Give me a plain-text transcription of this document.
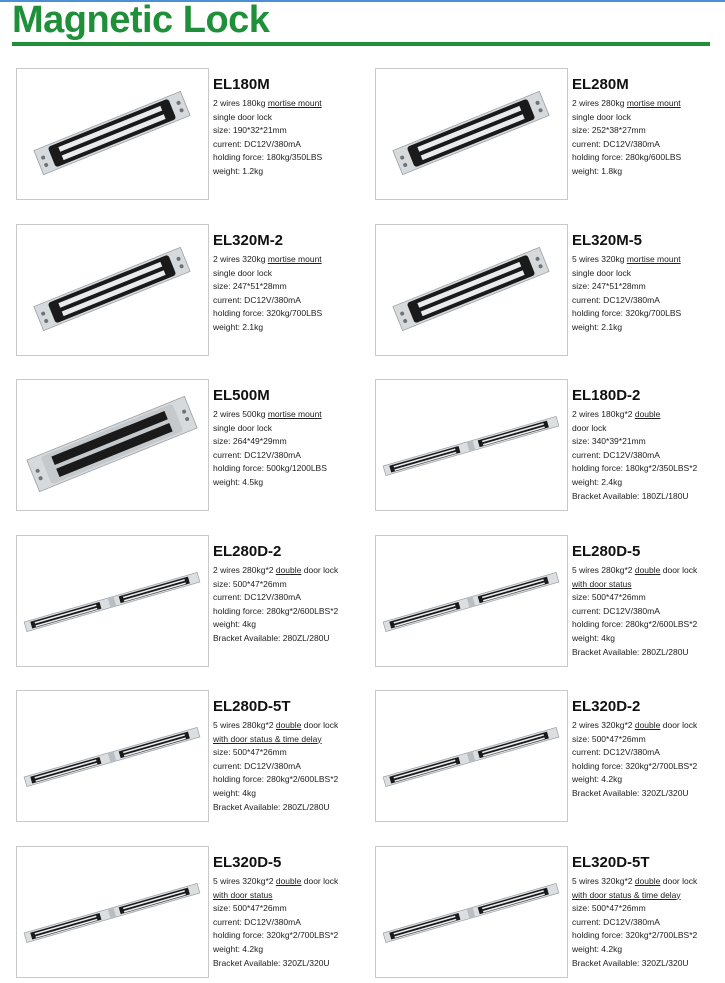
Magnetic Lock
EL180M
2 wires 180kg mortise mount
single door lock
size: 190*32*21mm
current: DC12V/380mA
holding force: 180kg/350LBS
weight: 1.2kg
EL280M
2 wires 280kg mortise mount
single door lock
size: 252*38*27mm
current: DC12V/380mA
holding force: 280kg/600LBS
weight: 1.8kg
EL320M-2
2 wires 320kg mortise mount
single door lock
size: 247*51*28mm
current: DC12V/380mA
holding force: 320kg/700LBS
weight: 2.1kg
EL320M-5
5 wires 320kg mortise mount
single door lock
size: 247*51*28mm
current: DC12V/380mA
holding force: 320kg/700LBS
weight: 2.1kg
EL500M
2 wires 500kg mortise mount
single door lock
size: 264*49*29mm
current: DC12V/380mA
holding force: 500kg/1200LBS
weight: 4.5kg
EL180D-2
2 wires 180kg*2 double
door lock
size: 340*39*21mm
current: DC12V/380mA
holding force: 180kg*2/350LBS*2
weight: 2.4kg
Bracket Available: 180ZL/180U
EL280D-2
2 wires 280kg*2 double door lock
size: 500*47*26mm
current: DC12V/380mA
holding force: 280kg*2/600LBS*2
weight: 4kg
Bracket Available: 280ZL/280U
EL280D-5
5 wires 280kg*2 double door lock
with door status
size: 500*47*26mm
current: DC12V/380mA
holding force: 280kg*2/600LBS*2
weight: 4kg
Bracket Available: 280ZL/280U
EL280D-5T
5 wires 280kg*2 double door lock
with door status & time delay
size: 500*47*26mm
current: DC12V/380mA
holding force: 280kg*2/600LBS*2
weight: 4kg
Bracket Available: 280ZL/280U
EL320D-2
2 wires 320kg*2 double door lock
size: 500*47*26mm
current: DC12V/380mA
holding force: 320kg*2/700LBS*2
weight: 4.2kg
Bracket Available: 320ZL/320U
EL320D-5
5 wires 320kg*2 double door lock
with door status
size: 500*47*26mm
current: DC12V/380mA
holding force: 320kg*2/700LBS*2
weight: 4.2kg
Bracket Available: 320ZL/320U
EL320D-5T
5 wires 320kg*2 double door lock
with door status & time delay
size: 500*47*26mm
current: DC12V/380mA
holding force: 320kg*2/700LBS*2
weight: 4.2kg
Bracket Available: 320ZL/320U
